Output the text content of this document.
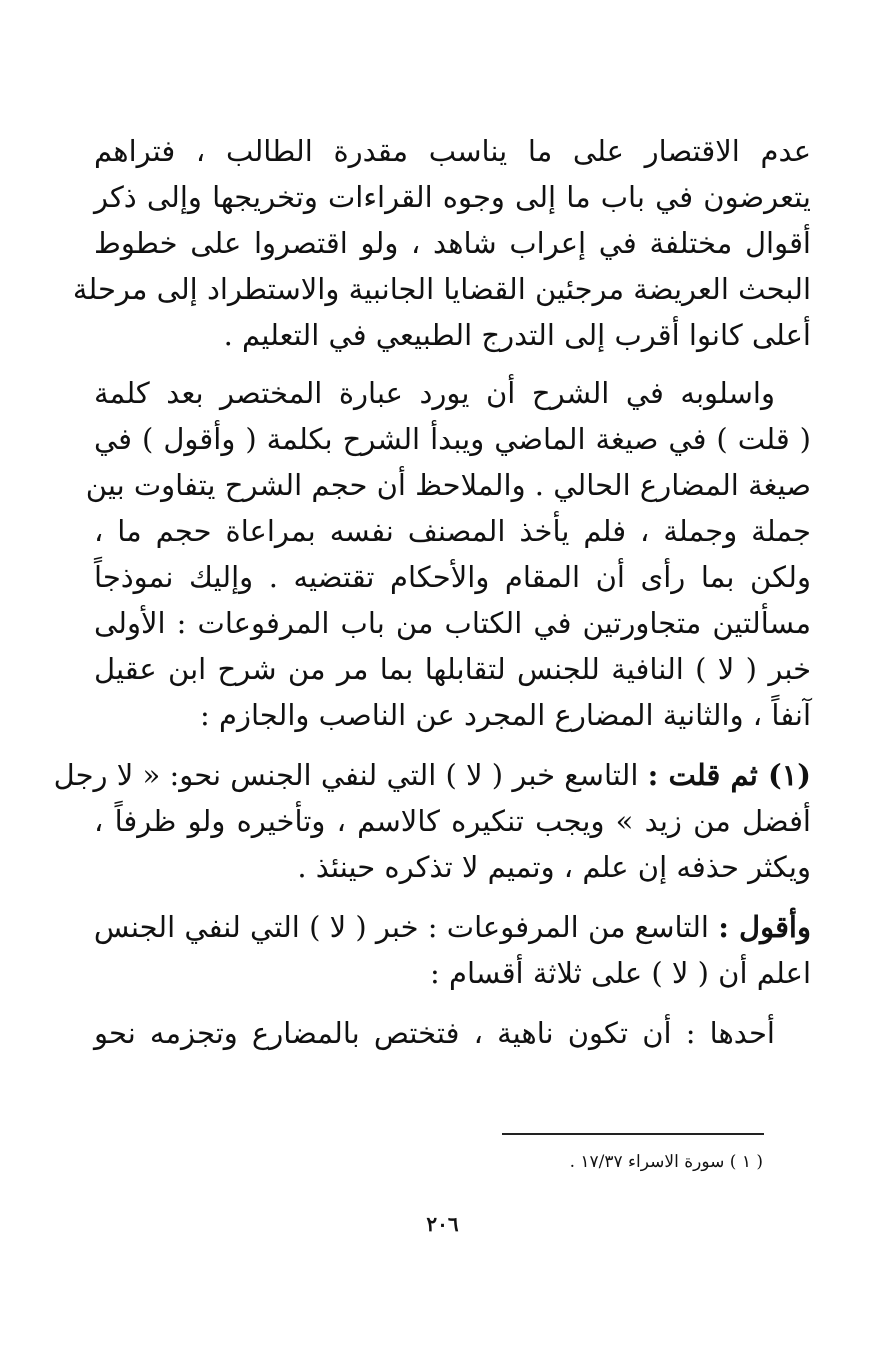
عدم الاقتصار على ما يناسب مقدرة الطالب ، فتراهم
يتعرضون في باب ما إلى وجوه القراءات وتخريجها وإلى ذكر
أقوال مختلفة في إعراب شاهد ، ولو اقتصروا على خطوط
البحث العريضة مرجئين القضايا الجانبية والاستطراد إلى مرحلة
أعلى كانوا أقرب إلى التدرج الطبيعي في التعليم .
واسلوبه في الشرح أن يورد عبارة المختصر بعد كلمة
( قلت ) في صيغة الماضي ويبدأ الشرح بكلمة ( وأقول ) في
صيغة المضارع الحالي . والملاحظ أن حجم الشرح يتفاوت بين
جملة وجملة ، فلم يأخذ المصنف نفسه بمراعاة حجم ما ،
ولكن بما رأى أن المقام والأحكام تقتضيه . وإليك نموذجاً
مسألتين متجاورتين في الكتاب من باب المرفوعات : الأولى
خبر ( لا ) النافية للجنس لتقابلها بما مر من شرح ابن عقيل
آنفاً ، والثانية المضارع المجرد عن الناصب والجازم :
(١) ثم قلت : التاسع خبر ( لا ) التي لنفي الجنس نحو: « لا رجل
أفضل من زيد » ويجب تنكيره كالاسم ، وتأخيره ولو ظرفاً ،
ويكثر حذفه إن علم ، وتميم لا تذكره حينئذ .
وأقول : التاسع من المرفوعات : خبر ( لا ) التي لنفي الجنس
اعلم أن ( لا ) على ثلاثة أقسام :
أحدها : أن تكون ناهية ، فتختص بالمضارع وتجزمه نحو
( ١ ) سورة الاسراء ١٧/٣٧ .
٢٠٦
